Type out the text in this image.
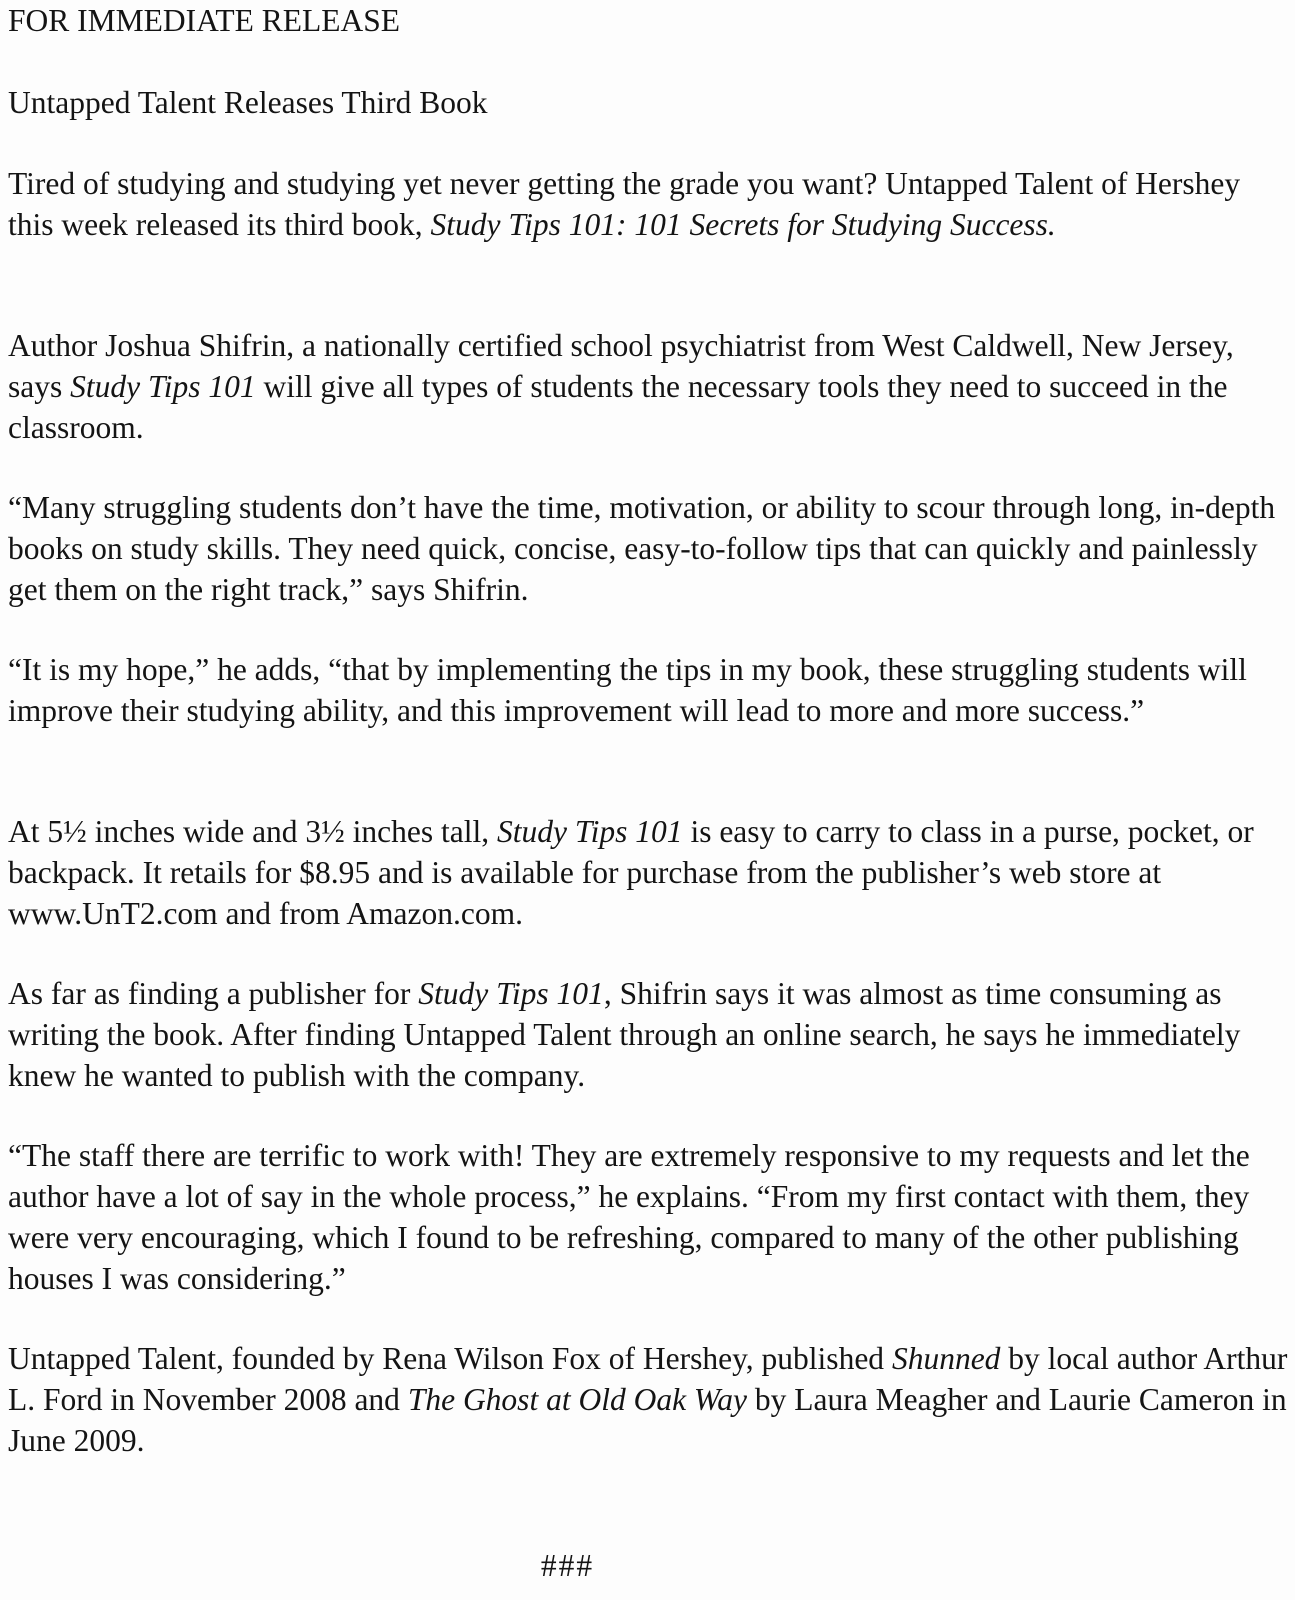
FOR IMMEDIATE RELEASE

Untapped Talent Releases Third Book

Tired of studying and studying yet never getting the grade you want? Untapped Talent of Hershey this week released its third book, Study Tips 101: 101 Secrets for Studying Success.

Author Joshua Shifrin, a nationally certified school psychiatrist from West Caldwell, New Jersey, says Study Tips 101 will give all types of students the necessary tools they need to succeed in the classroom.

“Many struggling students don’t have the time, motivation, or ability to scour through long, in-depth books on study skills. They need quick, concise, easy-to-follow tips that can quickly and painlessly get them on the right track,” says Shifrin.

“It is my hope,” he adds, “that by implementing the tips in my book, these struggling students will improve their studying ability, and this improvement will lead to more and more success.”

At 5½ inches wide and 3½ inches tall, Study Tips 101 is easy to carry to class in a purse, pocket, or backpack. It retails for $8.95 and is available for purchase from the publisher’s web store at www.UnT2.com and from Amazon.com.

As far as finding a publisher for Study Tips 101, Shifrin says it was almost as time consuming as writing the book. After finding Untapped Talent through an online search, he says he immediately knew he wanted to publish with the company.

“The staff there are terrific to work with! They are extremely responsive to my requests and let the author have a lot of say in the whole process,” he explains. “From my first contact with them, they were very encouraging, which I found to be refreshing, compared to many of the other publishing houses I was considering.”

Untapped Talent, founded by Rena Wilson Fox of Hershey, published Shunned by local author Arthur L. Ford in November 2008 and The Ghost at Old Oak Way by Laura Meagher and Laurie Cameron in June 2009.

###
